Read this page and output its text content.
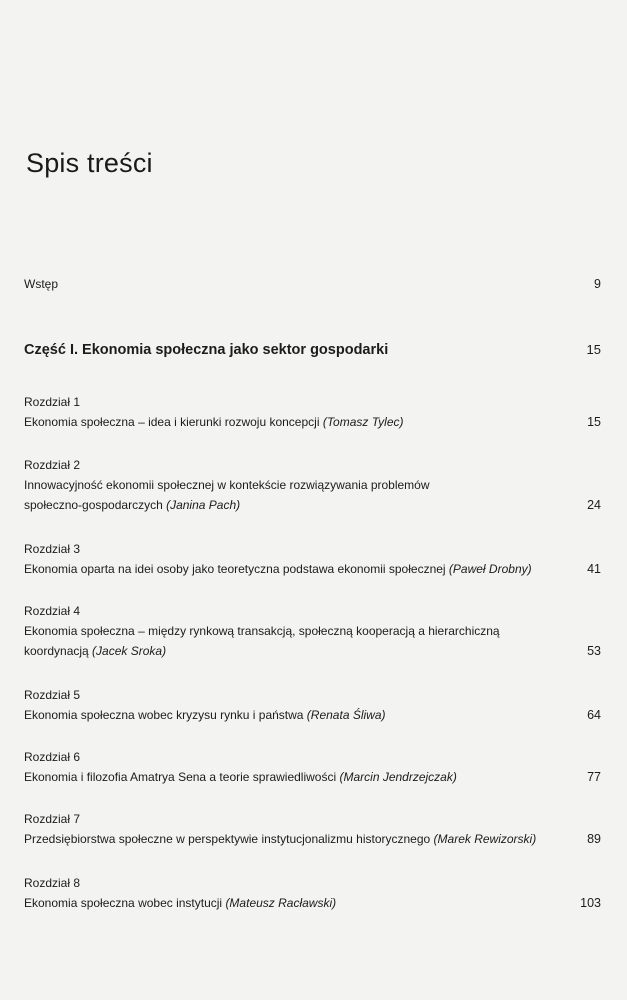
Spis treści
Wstęp	9
Część I. Ekonomia społeczna jako sektor gospodarki	15
Rozdział 1
Ekonomia społeczna – idea i kierunki rozwoju koncepcji (Tomasz Tylec)	15
Rozdział 2
Innowacyjność ekonomii społecznej w kontekście rozwiązywania problemów
społeczno-gospodarczych (Janina Pach)	24
Rozdział 3
Ekonomia oparta na idei osoby jako teoretyczna podstawa ekonomii społecznej (Paweł Drobny)	41
Rozdział 4
Ekonomia społeczna – między rynkową transakcją, społeczną kooperacją a hierarchiczną
koordynacją (Jacek Sroka)	53
Rozdział 5
Ekonomia społeczna wobec kryzysu rynku i państwa (Renata Śliwa)	64
Rozdział 6
Ekonomia i filozofia Amatrya Sena a teorie sprawiedliwości (Marcin Jendrzejczak)	77
Rozdział 7
Przedsiębiorstwa społeczne w perspektywie instytucjonalizmu historycznego (Marek Rewizorski)	89
Rozdział 8
Ekonomia społeczna wobec instytucji (Mateusz Racławski)	103
